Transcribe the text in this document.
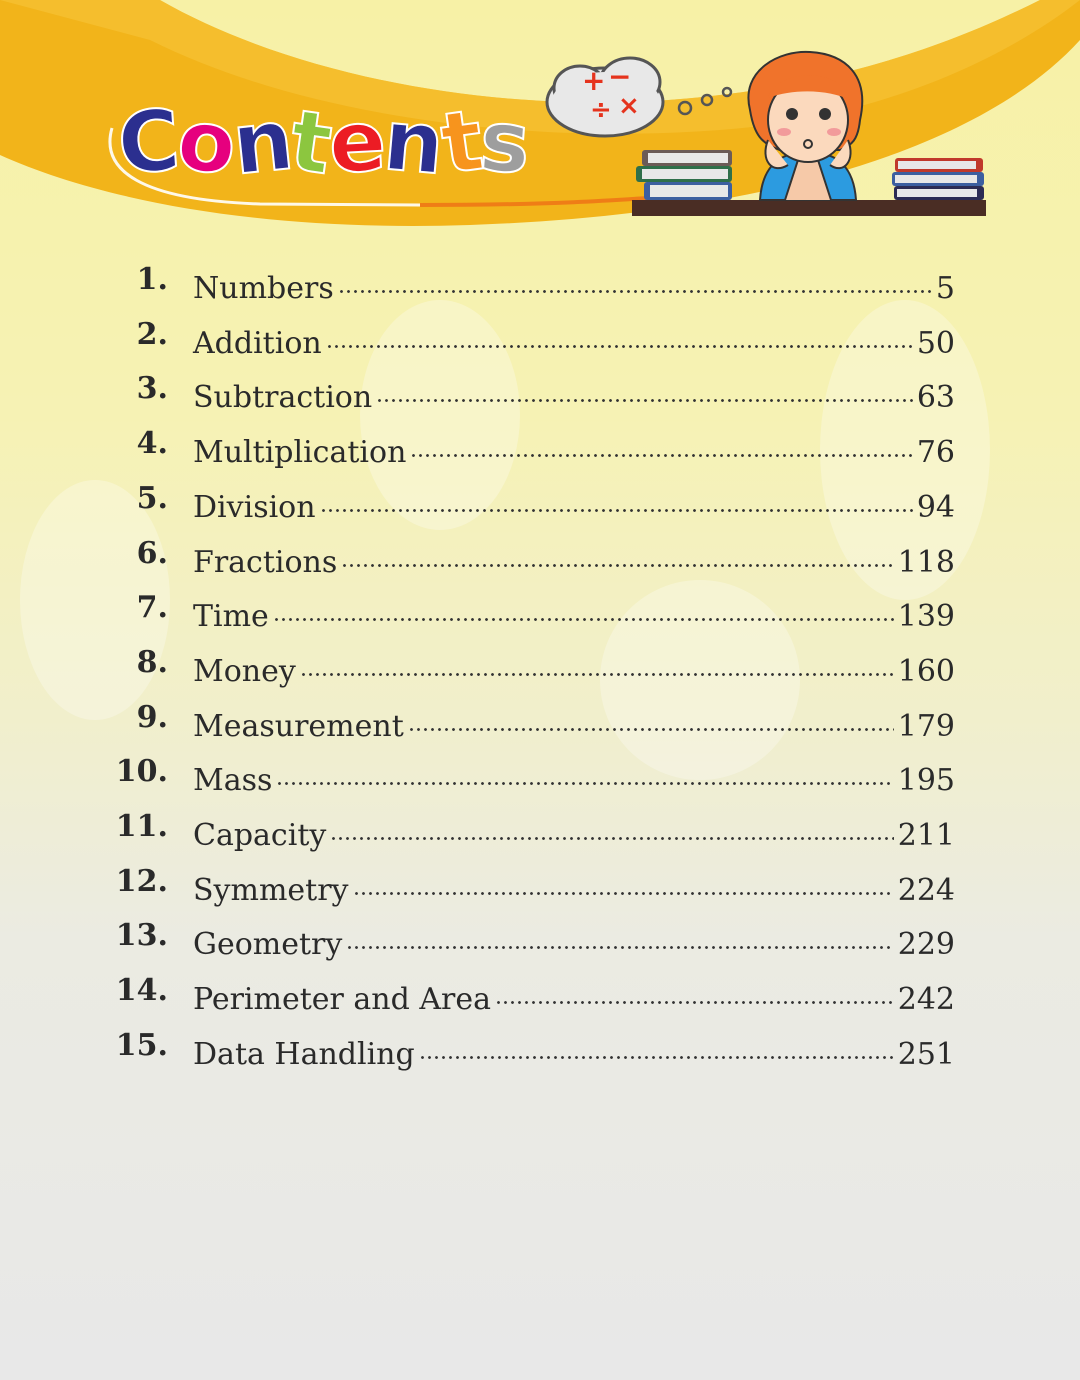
Contents
+ −
÷ ×
1. Numbers	5
2. Addition	50
3. Subtraction	63
4. Multiplication	76
5. Division	94
6. Fractions	118
7. Time	139
8. Money	160
9. Measurement	179
10. Mass	195
11. Capacity	211
12. Symmetry	224
13. Geometry	229
14. Perimeter and Area	242
15. Data Handling	251
